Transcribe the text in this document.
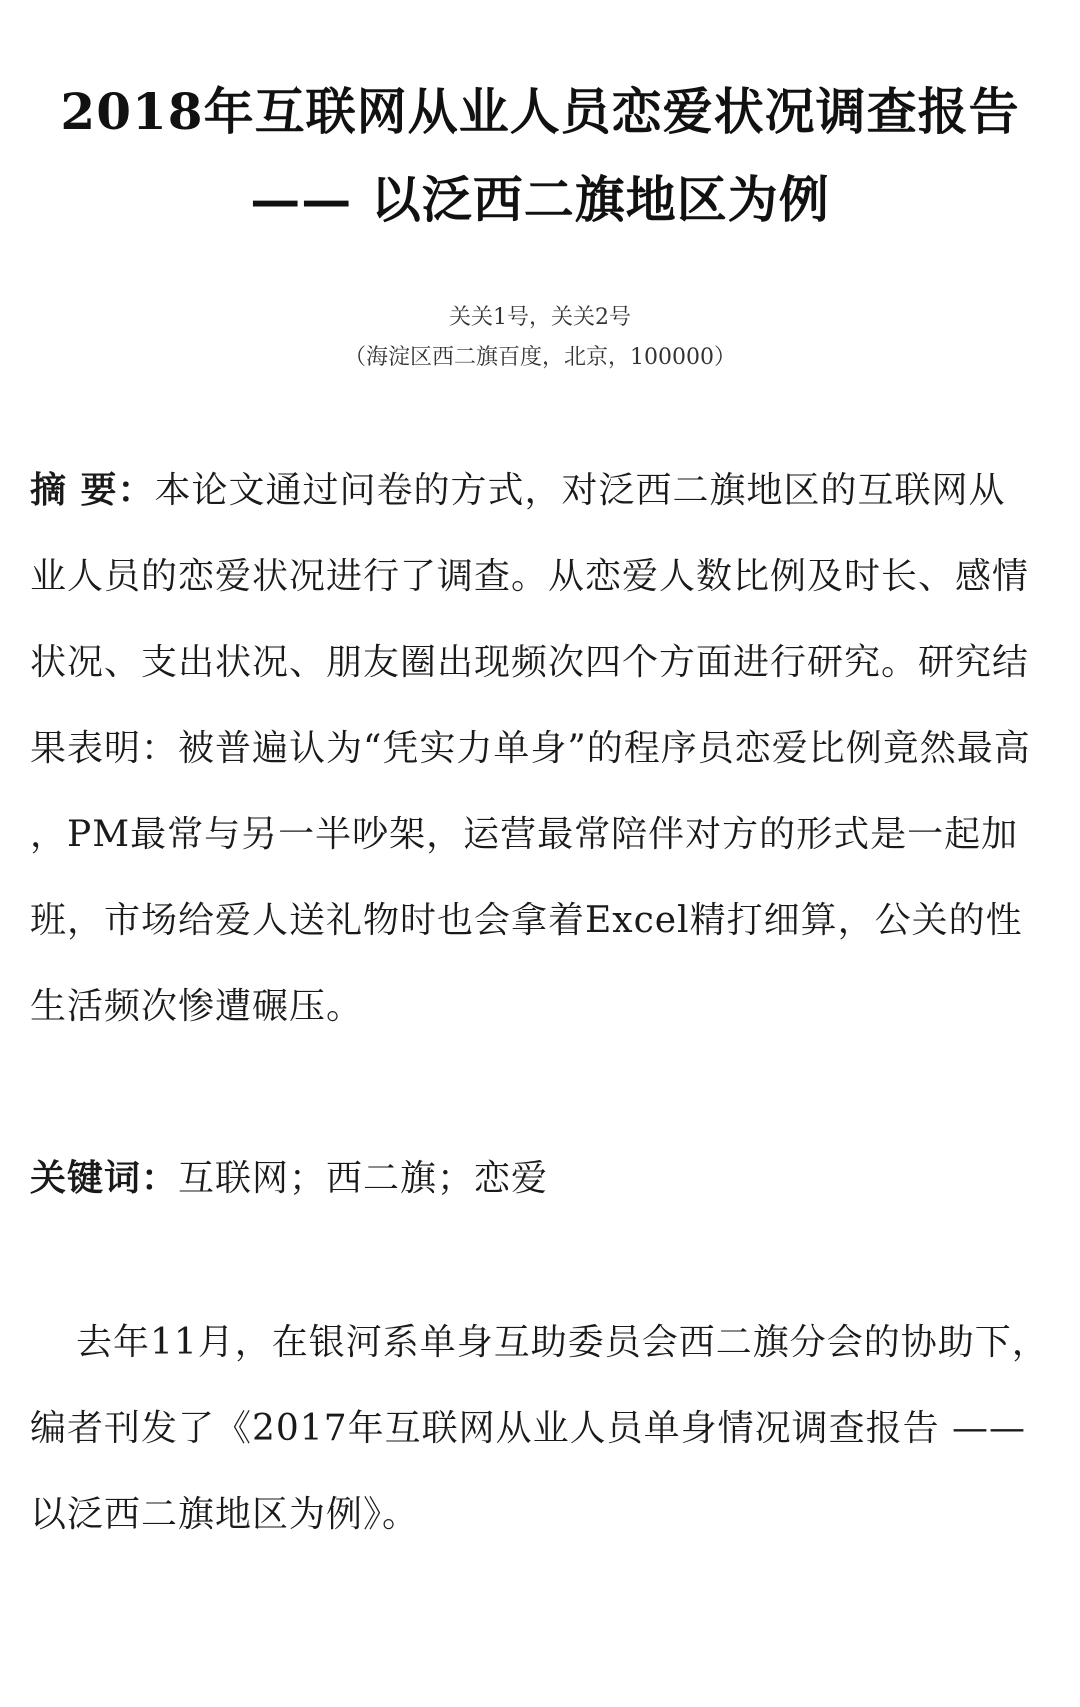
2018年互联网从业人员恋爱状况调查报告
—— 以泛西二旗地区为例
关关1号，关关2号
（海淀区西二旗百度，北京，100000）
摘 要：本论文通过问卷的方式，对泛西二旗地区的互联网从
业人员的恋爱状况进行了调查。从恋爱人数比例及时长、感情
状况、支出状况、朋友圈出现频次四个方面进行研究。研究结
果表明：被普遍认为“凭实力单身”的程序员恋爱比例竟然最高
，PM最常与另一半吵架，运营最常陪伴对方的形式是一起加
班，市场给爱人送礼物时也会拿着Excel精打细算，公关的性
生活频次惨遭碾压。
关键词：互联网；西二旗；恋爱
去年11月，在银河系单身互助委员会西二旗分会的协助下，
编者刊发了《2017年互联网从业人员单身情况调查报告 ——
以泛西二旗地区为例》。
